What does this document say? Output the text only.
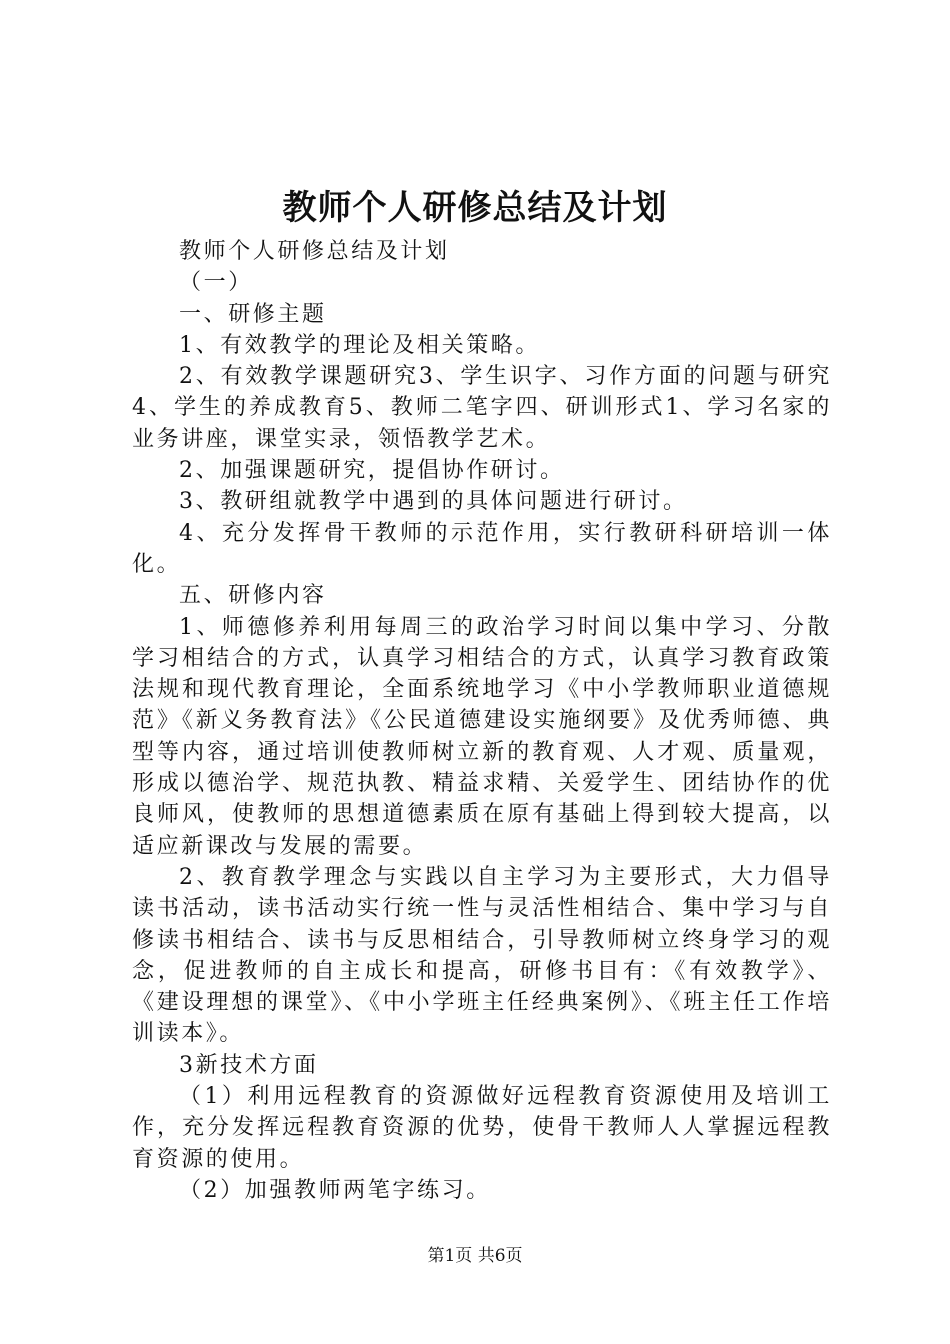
教师个人研修总结及计划

教师个人研修总结及计划

（一）

一、研修主题

1、有效教学的理论及相关策略。

2、有效教学课题研究3、学生识字、习作方面的问题与研究4、学生的养成教育5、教师二笔字四、研训形式1、学习名家的业务讲座，课堂实录，领悟教学艺术。

2、加强课题研究，提倡协作研讨。

3、教研组就教学中遇到的具体问题进行研讨。

4、充分发挥骨干教师的示范作用，实行教研科研培训一体化。

五、研修内容

1、师德修养利用每周三的政治学习时间以集中学习、分散学习相结合的方式，认真学习相结合的方式，认真学习教育政策法规和现代教育理论，全面系统地学习《中小学教师职业道德规范》《新义务教育法》《公民道德建设实施纲要》及优秀师德、典型等内容，通过培训使教师树立新的教育观、人才观、质量观，形成以德治学、规范执教、精益求精、关爱学生、团结协作的优良师风，使教师的思想道德素质在原有基础上得到较大提高，以适应新课改与发展的需要。

2、教育教学理念与实践以自主学习为主要形式，大力倡导读书活动，读书活动实行统一性与灵活性相结合、集中学习与自修读书相结合、读书与反思相结合，引导教师树立终身学习的观念，促进教师的自主成长和提高，研修书目有：《有效教学》、《建设理想的课堂》、《中小学班主任经典案例》、《班主任工作培训读本》。

3新技术方面

（1）利用远程教育的资源做好远程教育资源使用及培训工作，充分发挥远程教育资源的优势，使骨干教师人人掌握远程教育资源的使用。

（2）加强教师两笔字练习。

第1页 共6页
